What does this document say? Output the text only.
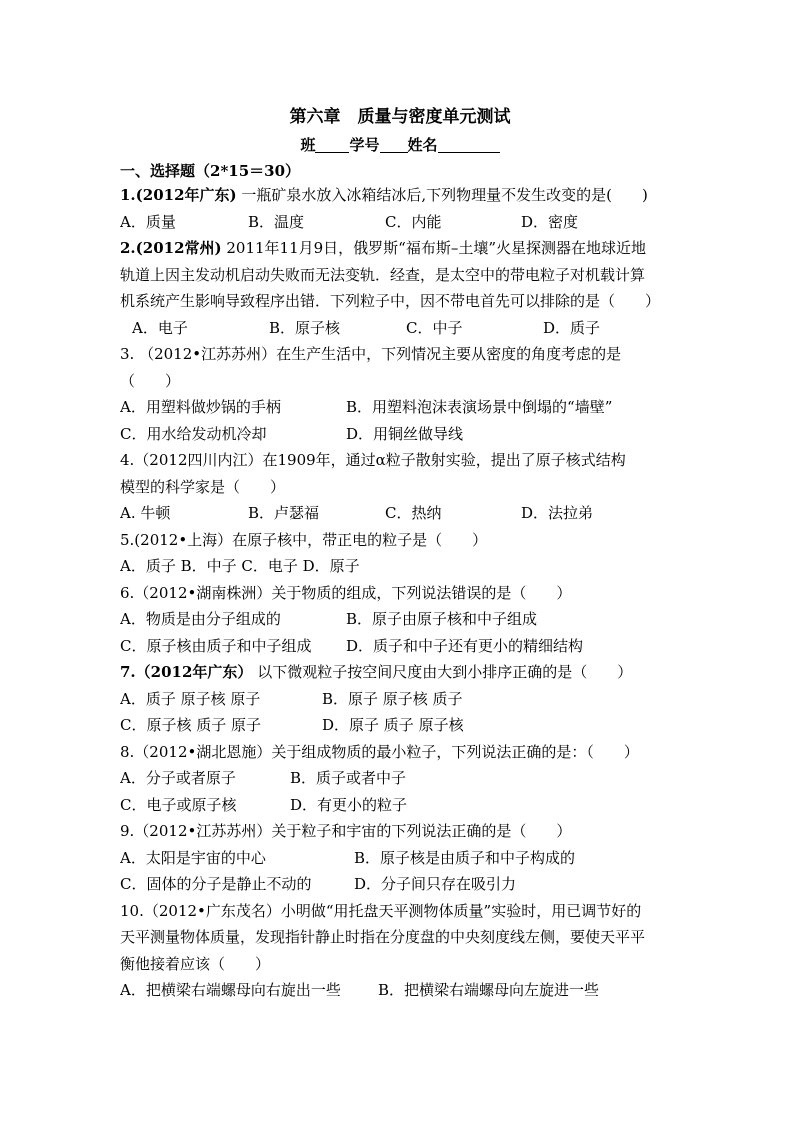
第六章　质量与密度单元测试
班 学号 姓名
一、选择题（2*15＝30）
1.(2012年广东) 一瓶矿泉水放入冰箱结冰后,下列物理量不发生改变的是(　　)
A．质量	B．温度	C．内能	D．密度
2.(2012常州) 2011年11月9日，俄罗斯“福布斯–土壤”火星探测器在地球近地
轨道上因主发动机启动失败而无法变轨．经查，是太空中的带电粒子对机载计算
机系统产生影响导致程序出错．下列粒子中，因不带电首先可以排除的是（　　）
A．电子	B．原子核	C．中子	D．质子
3. （2012•江苏苏州）在生产生活中，下列情况主要从密度的角度考虑的是
（　　）
A．用塑料做炒锅的手柄	B．用塑料泡沫表演场景中倒塌的“墙壁”
C．用水给发动机冷却	D．用铜丝做导线
4.（2012四川内江）在1909年，通过α粒子散射实验，提出了原子核式结构
模型的科学家是（　　）
A. 牛顿	B．卢瑟福	C．热纳	D．法拉弟
5.(2012•上海）在原子核中，带正电的粒子是（　　）
A．质子 B．中子 C．电子 D．原子
6.（2012•湖南株洲）关于物质的组成，下列说法错误的是（　　）
A．物质是由分子组成的	B．原子由原子核和中子组成
C．原子核由质子和中子组成 D．质子和中子还有更小的精细结构
7.（2012年广东） 以下微观粒子按空间尺度由大到小排序正确的是（　　）
A．质子 原子核 原子	B．原子 原子核 质子
C．原子核 质子 原子	D．原子 质子 原子核
8.（2012•湖北恩施）关于组成物质的最小粒子，下列说法正确的是：（　　）
A．分子或者原子	B．质子或者中子
C．电子或原子核	D．有更小的粒子
9.（2012•江苏苏州）关于粒子和宇宙的下列说法正确的是（　　）
A．太阳是宇宙的中心	B．原子核是由质子和中子构成的
C．固体的分子是静止不动的	D．分子间只存在吸引力
10.（2012•广东茂名）小明做“用托盘天平测物体质量”实验时，用已调节好的
天平测量物体质量，发现指针静止时指在分度盘的中央刻度线左侧，要使天平平
衡他接着应该（　　）
A．把横梁右端螺母向右旋出一些 B．把横梁右端螺母向左旋进一些
